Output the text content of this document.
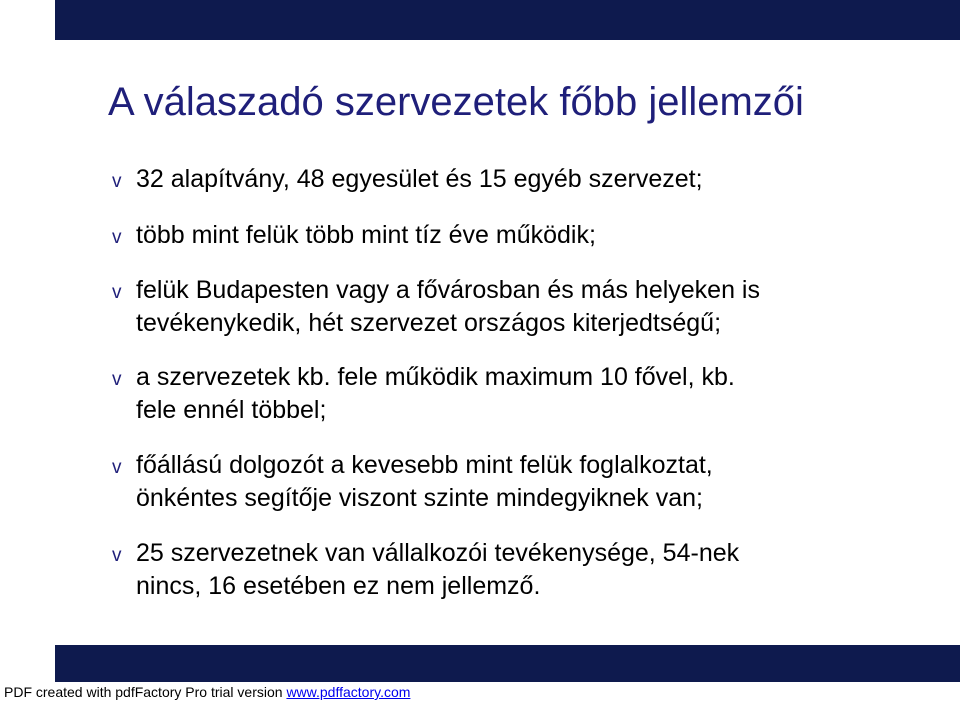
A válaszadó szervezetek főbb jellemzői
v 32 alapítvány, 48 egyesület és 15 egyéb szervezet;
v több mint felük több mint tíz éve működik;
v felük Budapesten vagy a fővárosban és más helyeken is
tevékenykedik, hét szervezet országos kiterjedtségű;
v a szervezetek kb. fele működik maximum 10 fővel, kb.
fele ennél többel;
v főállású dolgozót a kevesebb mint felük foglalkoztat,
önkéntes segítője viszont szinte mindegyiknek van;
v 25 szervezetnek van vállalkozói tevékenysége, 54-nek
nincs, 16 esetében ez nem jellemző.
PDF created with pdfFactory Pro trial version www.pdffactory.com
